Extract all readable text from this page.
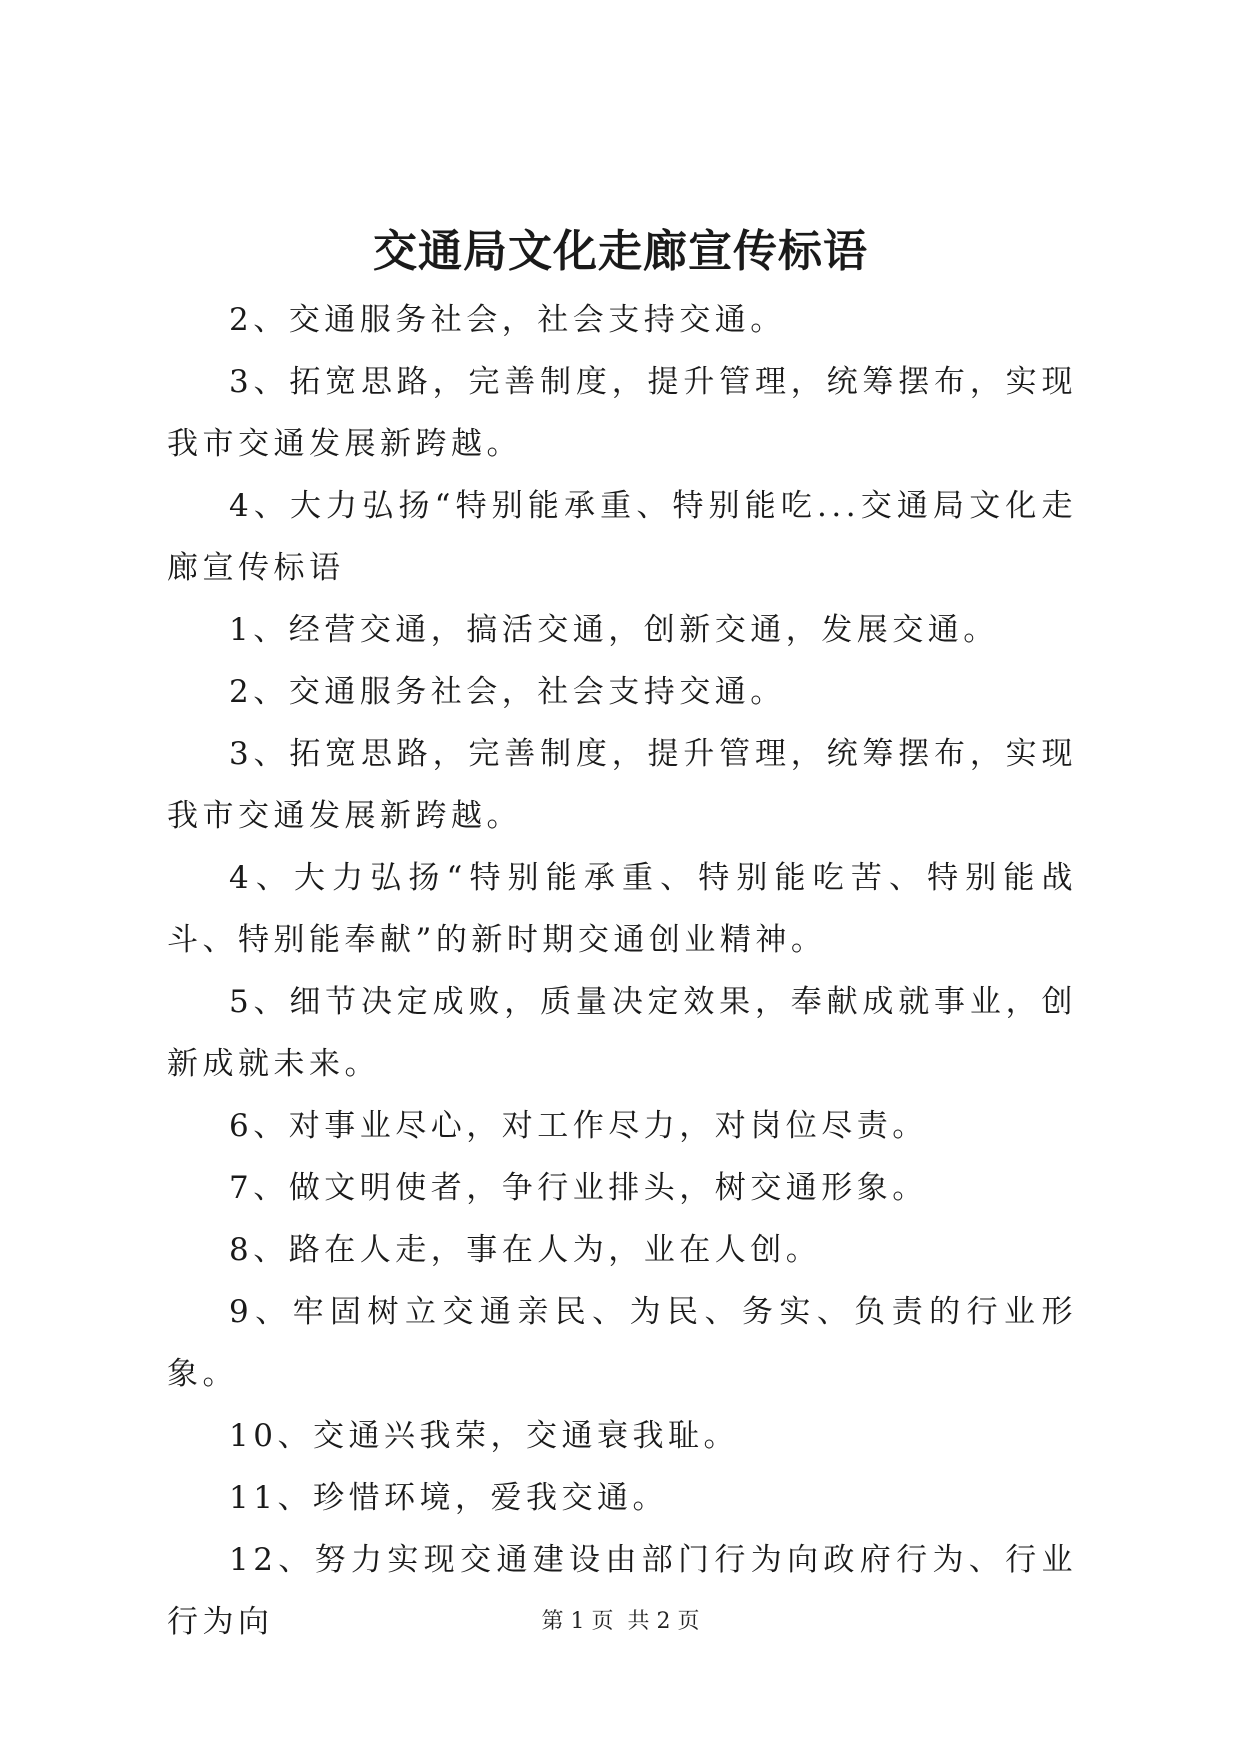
交通局文化走廊宣传标语

2、交通服务社会，社会支持交通。

3、拓宽思路，完善制度，提升管理，统筹摆布，实现我市交通发展新跨越。

4、大力弘扬“特别能承重、特别能吃...交通局文化走廊宣传标语

1、经营交通，搞活交通，创新交通，发展交通。

2、交通服务社会，社会支持交通。

3、拓宽思路，完善制度，提升管理，统筹摆布，实现我市交通发展新跨越。

4、大力弘扬“特别能承重、特别能吃苦、特别能战斗、特别能奉献”的新时期交通创业精神。

5、细节决定成败，质量决定效果，奉献成就事业，创新成就未来。

6、对事业尽心，对工作尽力，对岗位尽责。

7、做文明使者，争行业排头，树交通形象。

8、路在人走，事在人为，业在人创。

9、牢固树立交通亲民、为民、务实、负责的行业形象。

10、交通兴我荣，交通衰我耻。

11、珍惜环境，爱我交通。

12、努力实现交通建设由部门行为向政府行为、行业行为向	第 1 页 共 2 页
